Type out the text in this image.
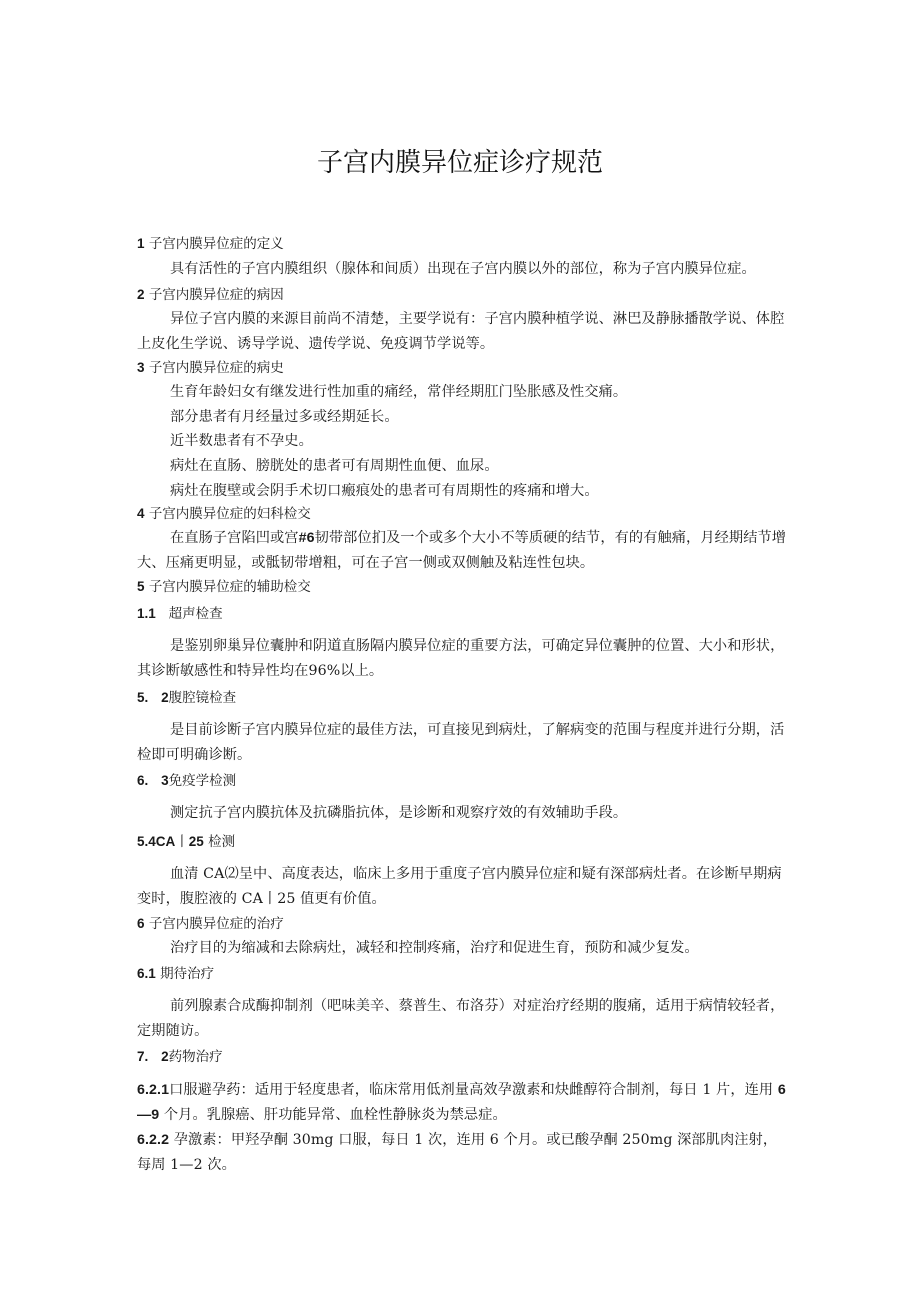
子宫内膜异位症诊疗规范
1 子宫内膜异位症的定义
具有活性的子宫内膜组织（腺体和间质）出现在子宫内膜以外的部位，称为子宫内膜异位症。
2 子宫内膜异位症的病因
异位子宫内膜的来源目前尚不清楚，主要学说有：子宫内膜种植学说、淋巴及静脉播散学说、体腔上皮化生学说、诱导学说、遗传学说、免疫调节学说等。
3 子宫内膜异位症的病史
生育年龄妇女有继发进行性加重的痛经，常伴经期肛门坠胀感及性交痛。
部分患者有月经量过多或经期延长。
近半数患者有不孕史。
病灶在直肠、膀胱处的患者可有周期性血便、血尿。
病灶在腹壁或会阴手术切口瘢痕处的患者可有周期性的疼痛和增大。
4 子宫内膜异位症的妇科检交
在直肠子宫陷凹或宫#6韧带部位扪及一个或多个大小不等质硬的结节，有的有触痛，月经期结节增大、压痛更明显，或骶韧带增粗，可在子宫一侧或双侧触及粘连性包块。
5 子宫内膜异位症的辅助检交
1.1 超声检查
是鉴别卵巢异位囊肿和阴道直肠隔内膜异位症的重要方法，可确定异位囊肿的位置、大小和形状，其诊断敏感性和特异性均在96%以上。
5. 2腹腔镜检查
是目前诊断子宫内膜异位症的最佳方法，可直接见到病灶，了解病变的范围与程度并进行分期，活检即可明确诊断。
6. 3免疫学检测
测定抗子宫内膜抗体及抗磷脂抗体，是诊断和观察疗效的有效辅助手段。
5.4CA丨25 检测
血清 CA⑵呈中、高度表达，临床上多用于重度子宫内膜异位症和疑有深部病灶者。在诊断早期病变时，腹腔液的 CA丨25 值更有价值。
6 子宫内膜异位症的治疗
治疗目的为缩减和去除病灶，减轻和控制疼痛，治疗和促进生育，预防和减少复发。
6.1 期待治疗
前列腺素合成酶抑制剂（吧味美辛、蔡普生、布洛芬）对症治疗经期的腹痛，适用于病情较轻者，定期随访。
7. 2药物治疗
6.2.1口服避孕药：适用于轻度患者，临床常用低剂量高效孕激素和炔雌醇符合制剂，每日 1 片，连用 6—9 个月。乳腺癌、肝功能异常、血栓性静脉炎为禁忌症。
6.2.2 孕激素：甲羟孕酮 30mg 口服，每日 1 次，连用 6 个月。或已酸孕酮 250mg 深部肌肉注射，每周 1—2 次。
